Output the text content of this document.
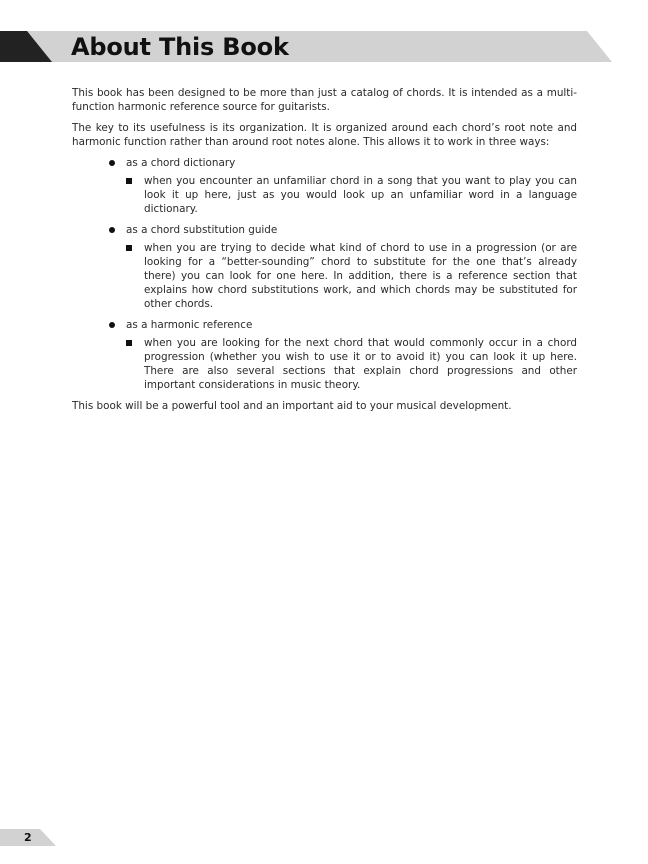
About This Book

This book has been designed to be more than just a catalog of chords. It is intended as a multi-function harmonic reference source for guitarists.

The key to its usefulness is its organization. It is organized around each chord’s root note and harmonic function rather than around root notes alone. This allows it to work in three ways:

as a chord dictionary
when you encounter an unfamiliar chord in a song that you want to play you can look it up here, just as you would look up an unfamiliar word in a language dictionary.
as a chord substitution guide
when you are trying to decide what kind of chord to use in a progression (or are looking for a “better-sounding” chord to substitute for the one that’s already there) you can look for one here. In addition, there is a reference section that explains how chord substitutions work, and which chords may be substituted for other chords.
as a harmonic reference
when you are looking for the next chord that would commonly occur in a chord progression (whether you wish to use it or to avoid it) you can look it up here. There are also several sections that explain chord progressions and other important considerations in music theory.

This book will be a powerful tool and an important aid to your musical development.

2
